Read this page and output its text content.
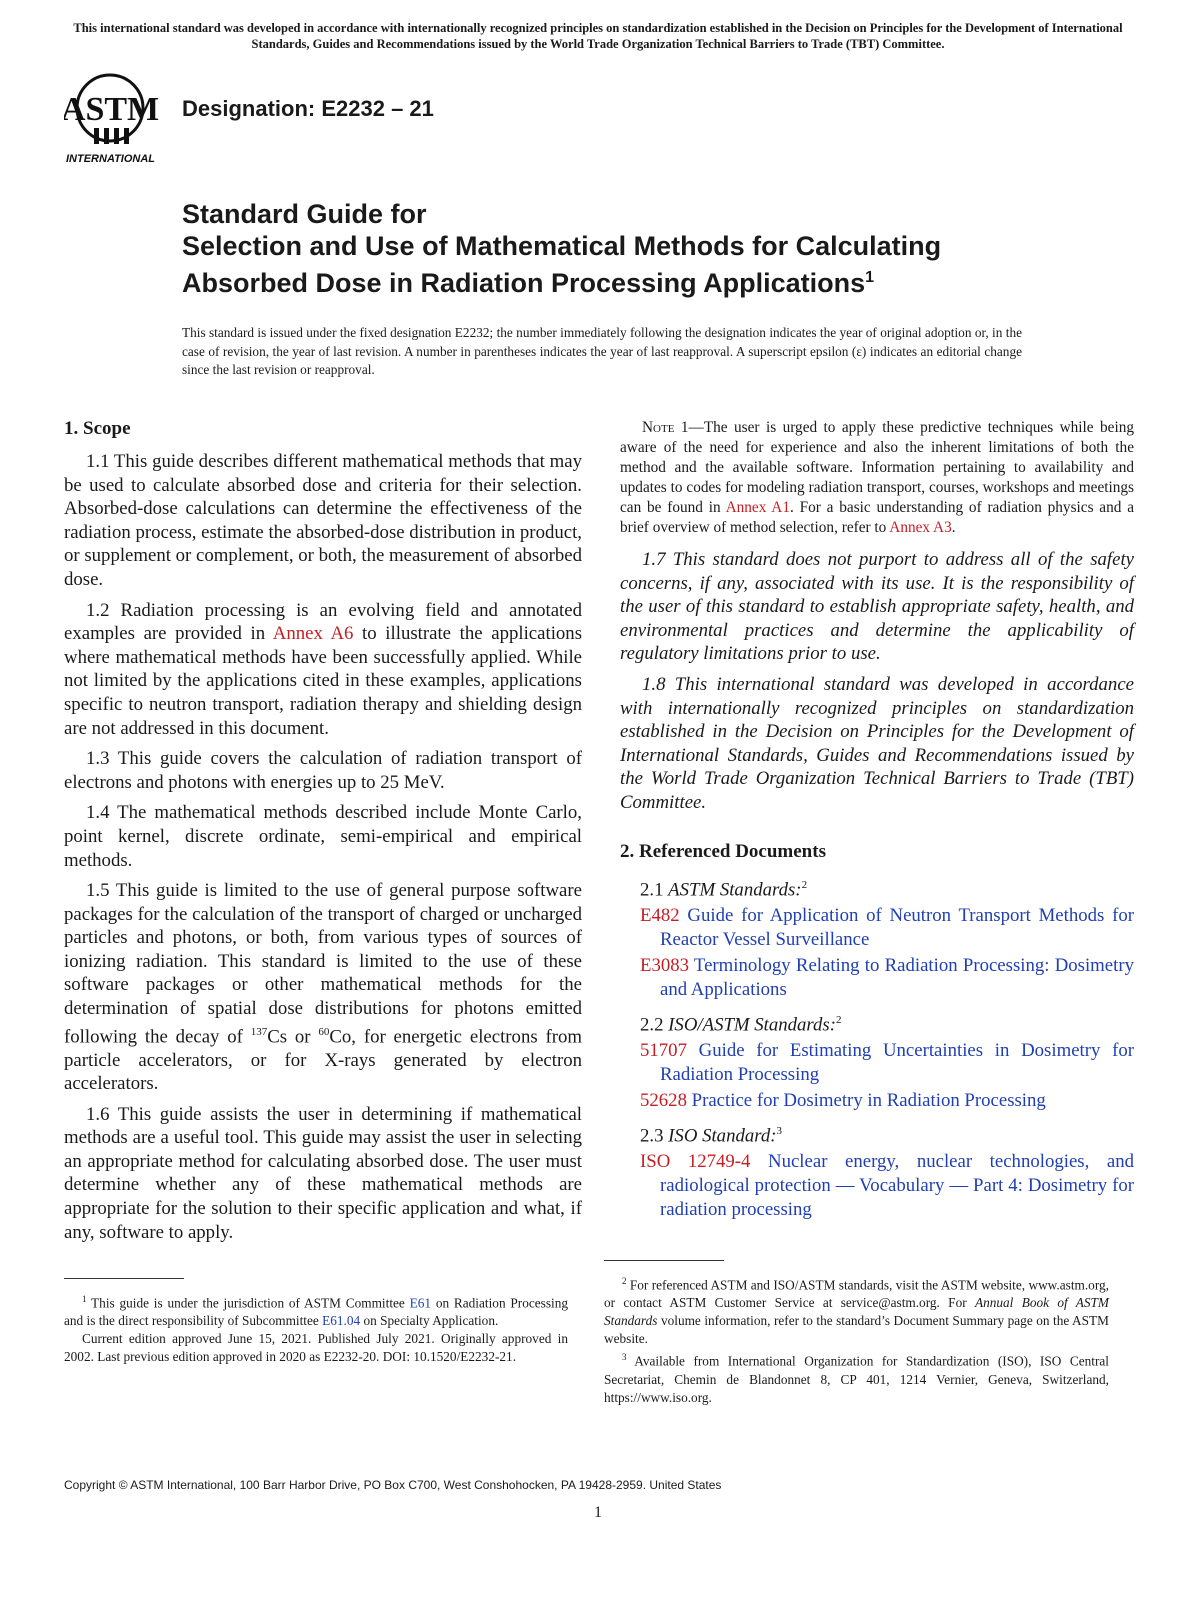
This international standard was developed in accordance with internationally recognized principles on standardization established in the Decision on Principles for the Development of International Standards, Guides and Recommendations issued by the World Trade Organization Technical Barriers to Trade (TBT) Committee.
ASTM
INTERNATIONAL
Designation: E2232 – 21
Standard Guide for
Selection and Use of Mathematical Methods for Calculating
Absorbed Dose in Radiation Processing Applications$^1$
This standard is issued under the fixed designation E2232; the number immediately following the designation indicates the year of original adoption or, in the case of revision, the year of last revision. A number in parentheses indicates the year of last reapproval. A superscript epsilon (ε) indicates an editorial change since the last revision or reapproval.
1. Scope

1.1 This guide describes different mathematical methods that may be used to calculate absorbed dose and criteria for their selection. Absorbed-dose calculations can determine the effectiveness of the radiation process, estimate the absorbed-dose distribution in product, or supplement or complement, or both, the measurement of absorbed dose.

1.2 Radiation processing is an evolving field and annotated examples are provided in Annex A6 to illustrate the applications where mathematical methods have been successfully applied. While not limited by the applications cited in these examples, applications specific to neutron transport, radiation therapy and shielding design are not addressed in this document.

1.3 This guide covers the calculation of radiation transport of electrons and photons with energies up to 25 MeV.

1.4 The mathematical methods described include Monte Carlo, point kernel, discrete ordinate, semi-empirical and empirical methods.

1.5 This guide is limited to the use of general purpose software packages for the calculation of the transport of charged or uncharged particles and photons, or both, from various types of sources of ionizing radiation. This standard is limited to the use of these software packages or other mathematical methods for the determination of spatial dose distributions for photons emitted following the decay of $^{137}$Cs or $^{60}$Co, for energetic electrons from particle accelerators, or for X-rays generated by electron accelerators.

1.6 This guide assists the user in determining if mathematical methods are a useful tool. This guide may assist the user in selecting an appropriate method for calculating absorbed dose. The user must determine whether any of these mathematical methods are appropriate for the solution to their specific application and what, if any, software to apply.

Note 1—The user is urged to apply these predictive techniques while being aware of the need for experience and also the inherent limitations of both the method and the available software. Information pertaining to availability and updates to codes for modeling radiation transport, courses, workshops and meetings can be found in Annex A1. For a basic understanding of radiation physics and a brief overview of method selection, refer to Annex A3.

1.7 This standard does not purport to address all of the safety concerns, if any, associated with its use. It is the responsibility of the user of this standard to establish appropriate safety, health, and environmental practices and determine the applicability of regulatory limitations prior to use.

1.8 This international standard was developed in accordance with internationally recognized principles on standardization established in the Decision on Principles for the Development of International Standards, Guides and Recommendations issued by the World Trade Organization Technical Barriers to Trade (TBT) Committee.

2. Referenced Documents
2.1 ASTM Standards:$^2$
E482 Guide for Application of Neutron Transport Methods for Reactor Vessel Surveillance
E3083 Terminology Relating to Radiation Processing: Dosimetry and Applications
2.2 ISO/ASTM Standards:$^2$
51707 Guide for Estimating Uncertainties in Dosimetry for Radiation Processing
52628 Practice for Dosimetry in Radiation Processing
2.3 ISO Standard:$^3$
ISO 12749-4 Nuclear energy, nuclear technologies, and radiological protection — Vocabulary — Part 4: Dosimetry for radiation processing

$^1$ This guide is under the jurisdiction of ASTM Committee E61 on Radiation Processing and is the direct responsibility of Subcommittee E61.04 on Specialty Application.

Current edition approved June 15, 2021. Published July 2021. Originally approved in 2002. Last previous edition approved in 2020 as E2232-20. DOI: 10.1520/E2232-21.

$^2$ For referenced ASTM and ISO/ASTM standards, visit the ASTM website, www.astm.org, or contact ASTM Customer Service at service@astm.org. For Annual Book of ASTM Standards volume information, refer to the standard’s Document Summary page on the ASTM website.

$^3$ Available from International Organization for Standardization (ISO), ISO Central Secretariat, Chemin de Blandonnet 8, CP 401, 1214 Vernier, Geneva, Switzerland, https://www.iso.org.

Copyright © ASTM International, 100 Barr Harbor Drive, PO Box C700, West Conshohocken, PA 19428-2959. United States
1
